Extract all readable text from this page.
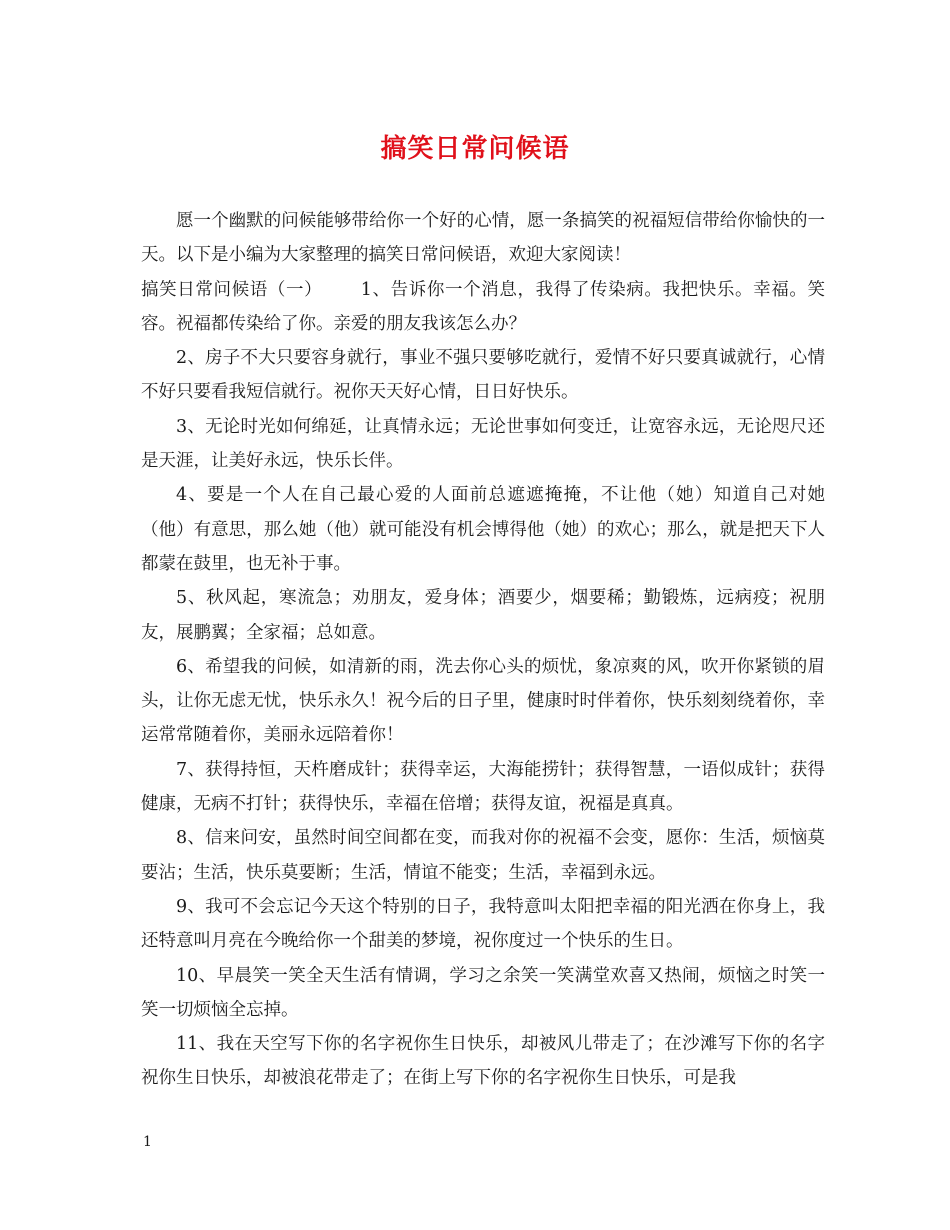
搞笑日常问候语

愿一个幽默的问候能够带给你一个好的心情，愿一条搞笑的祝福短信带给你愉快的一天。以下是小编为大家整理的搞笑日常问候语，欢迎大家阅读！

搞笑日常问候语（一） 1、告诉你一个消息，我得了传染病。我把快乐。幸福。笑容。祝福都传染给了你。亲爱的朋友我该怎么办？

2、房子不大只要容身就行，事业不强只要够吃就行，爱情不好只要真诚就行，心情不好只要看我短信就行。祝你天天好心情，日日好快乐。

3、无论时光如何绵延，让真情永远；无论世事如何变迁，让宽容永远，无论咫尺还是天涯，让美好永远，快乐长伴。

4、要是一个人在自己最心爱的人面前总遮遮掩掩，不让他（她）知道自己对她（他）有意思，那么她（他）就可能没有机会博得他（她）的欢心；那么，就是把天下人都蒙在鼓里，也无补于事。

5、秋风起，寒流急；劝朋友，爱身体；酒要少，烟要稀；勤锻炼，远病疫；祝朋友，展鹏翼；全家福；总如意。

6、希望我的问候，如清新的雨，洗去你心头的烦忧，象凉爽的风，吹开你紧锁的眉头，让你无虑无忧，快乐永久！祝今后的日子里，健康时时伴着你，快乐刻刻绕着你，幸运常常随着你，美丽永远陪着你！

7、获得持恒，天杵磨成针；获得幸运，大海能捞针；获得智慧，一语似成针；获得健康，无病不打针；获得快乐，幸福在倍增；获得友谊，祝福是真真。

8、信来问安，虽然时间空间都在变，而我对你的祝福不会变，愿你：生活，烦恼莫要沾；生活，快乐莫要断；生活，情谊不能变；生活，幸福到永远。

9、我可不会忘记今天这个特别的日子，我特意叫太阳把幸福的阳光洒在你身上，我还特意叫月亮在今晚给你一个甜美的梦境，祝你度过一个快乐的生日。

10、早晨笑一笑全天生活有情调，学习之余笑一笑满堂欢喜又热闹，烦恼之时笑一笑一切烦恼全忘掉。

11、我在天空写下你的名字祝你生日快乐，却被风儿带走了；在沙滩写下你的名字祝你生日快乐，却被浪花带走了；在街上写下你的名字祝你生日快乐，可是我

1
